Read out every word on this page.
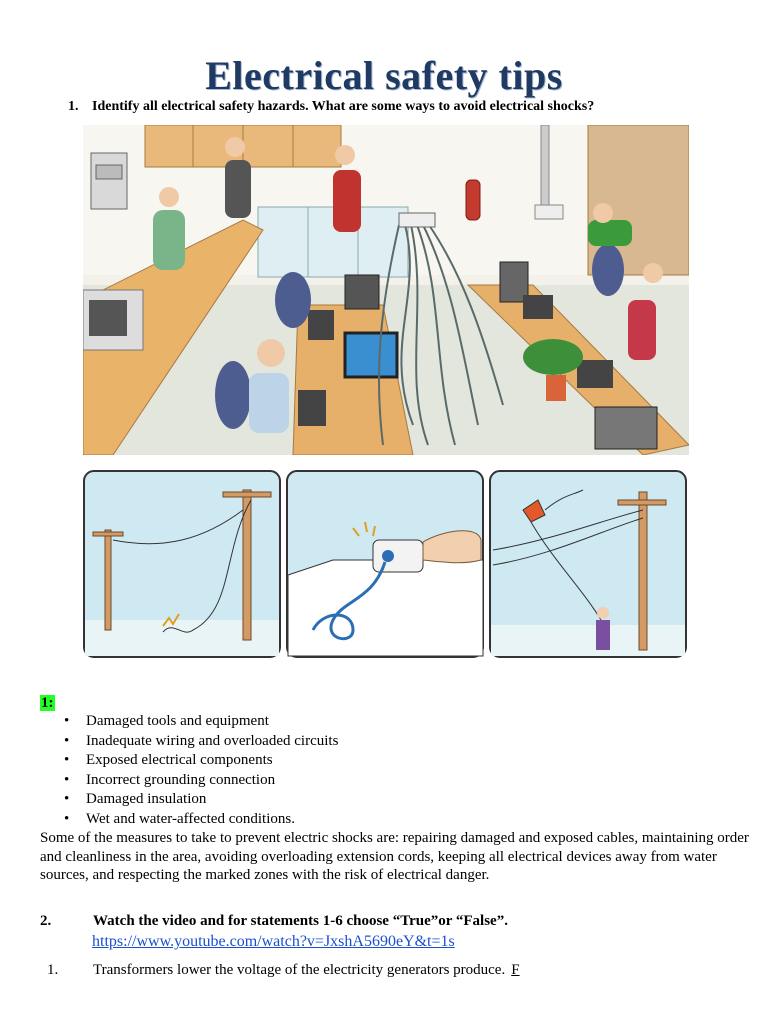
Electrical safety tips
1. Identify all electrical safety hazards. What are some ways to avoid electrical shocks?
1:
• Damaged tools and equipment
• Inadequate wiring and overloaded circuits
• Exposed electrical components
• Incorrect grounding connection
• Damaged insulation
• Wet and water-affected conditions.
Some of the measures to take to prevent electric shocks are: repairing damaged and exposed cables, maintaining order and cleanliness in the area, avoiding overloading extension cords, keeping all electrical devices away from water sources, and respecting the marked zones with the risk of electrical danger.
2.	Watch the video and for statements 1-6 choose “True”or “False”.
https://www.youtube.com/watch?v=JxshA5690eY&t=1s
1. Transformers lower the voltage of the electricity generators produce. F
